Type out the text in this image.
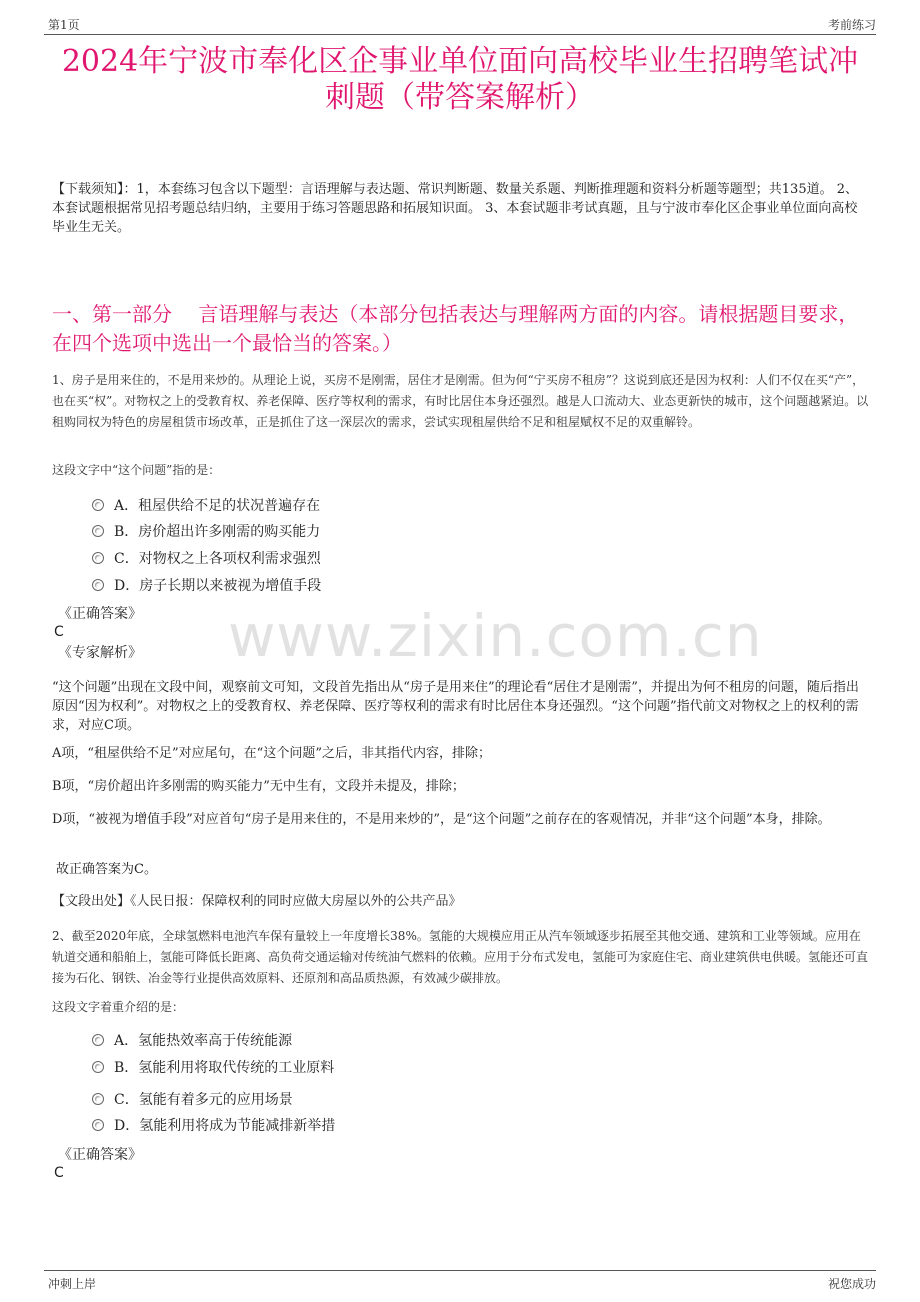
第1页	考前练习
2024年宁波市奉化区企事业单位面向高校毕业生招聘笔试冲刺题（带答案解析）
【下载须知】：1，本套练习包含以下题型：言语理解与表达题、常识判断题、数量关系题、判断推理题和资料分析题等题型；共135道。 2、本套试题根据常见招考题总结归纳，主要用于练习答题思路和拓展知识面。 3、本套试题非考试真题，且与宁波市奉化区企事业单位面向高校毕业生无关。
一、第一部分　 言语理解与表达（本部分包括表达与理解两方面的内容。请根据题目要求，在四个选项中选出一个最恰当的答案。）
www.zixin.com.cn
1、房子是用来住的，不是用来炒的。从理论上说，买房不是刚需，居住才是刚需。但为何“宁买房不租房”？这说到底还是因为权利：人们不仅在买“产”，也在买“权”。对物权之上的受教育权、养老保障、医疗等权利的需求，有时比居住本身还强烈。越是人口流动大、业态更新快的城市，这个问题越紧迫。以租购同权为特色的房屋租赁市场改革，正是抓住了这一深层次的需求，尝试实现租屋供给不足和租屋赋权不足的双重解铃。
这段文字中“这个问题”指的是：
A．租屋供给不足的状况普遍存在
B．房价超出许多刚需的购买能力
C．对物权之上各项权利需求强烈
D．房子长期以来被视为增值手段
《正确答案》
C
《专家解析》
“这个问题”出现在文段中间，观察前文可知，文段首先指出从“房子是用来住”的理论看“居住才是刚需”，并提出为何不租房的问题，随后指出原因“因为权利”。对物权之上的受教育权、养老保障、医疗等权利的需求有时比居住本身还强烈。“这个问题”指代前文对物权之上的权利的需求，对应C项。
A项，“租屋供给不足”对应尾句，在“这个问题”之后，非其指代内容，排除；
B项，“房价超出许多刚需的购买能力”无中生有，文段并未提及，排除；
D项，“被视为增值手段”对应首句“房子是用来住的，不是用来炒的”，是“这个问题”之前存在的客观情况，并非“这个问题”本身，排除。
故正确答案为C。
【文段出处】《人民日报：保障权利的同时应做大房屋以外的公共产品》
2、截至2020年底，全球氢燃料电池汽车保有量较上一年度增长38%。氢能的大规模应用正从汽车领域逐步拓展至其他交通、建筑和工业等领域。应用在轨道交通和船舶上，氢能可降低长距离、高负荷交通运输对传统油气燃料的依赖。应用于分布式发电，氢能可为家庭住宅、商业建筑供电供暖。氢能还可直接为石化、钢铁、冶金等行业提供高效原料、还原剂和高品质热源，有效减少碳排放。
这段文字着重介绍的是：
A．氢能热效率高于传统能源
B．氢能利用将取代传统的工业原料
C．氢能有着多元的应用场景
D．氢能利用将成为节能减排新举措
《正确答案》
C
冲刺上岸	祝您成功
